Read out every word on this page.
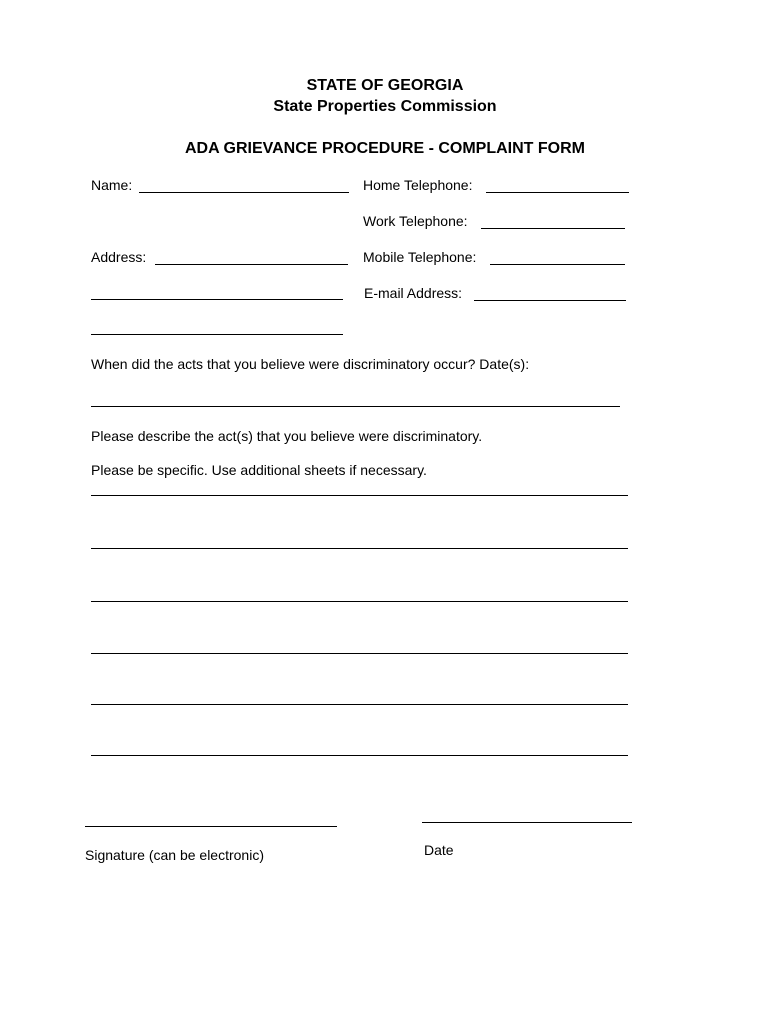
STATE OF GEORGIA
State Properties Commission
ADA GRIEVANCE PROCEDURE - COMPLAINT FORM
Name:	Home Telephone:
Work Telephone:
Address:	Mobile Telephone:
E-mail Address:
When did the acts that you believe were discriminatory occur? Date(s):
Please describe the act(s) that you believe were discriminatory.
Please be specific. Use additional sheets if necessary.
Signature (can be electronic)	Date
